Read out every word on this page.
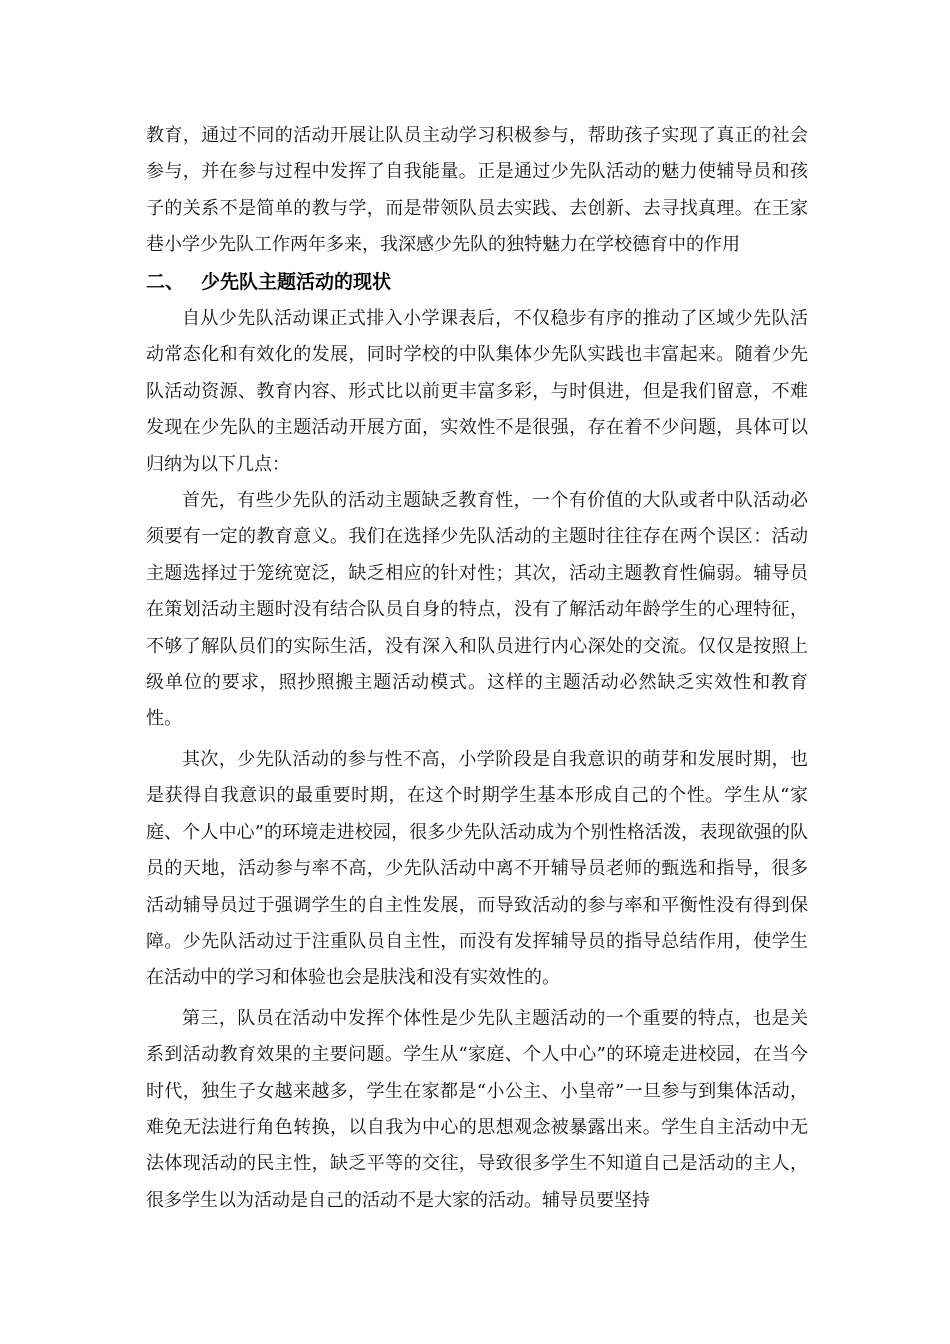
教育，通过不同的活动开展让队员主动学习积极参与，帮助孩子实现了真正的社会参与，并在参与过程中发挥了自我能量。正是通过少先队活动的魅力使辅导员和孩子的关系不是简单的教与学，而是带领队员去实践、去创新、去寻找真理。在王家巷小学少先队工作两年多来，我深感少先队的独特魅力在学校德育中的作用

二、 少先队主题活动的现状

自从少先队活动课正式排入小学课表后，不仅稳步有序的推动了区域少先队活动常态化和有效化的发展，同时学校的中队集体少先队实践也丰富起来。随着少先队活动资源、教育内容、形式比以前更丰富多彩，与时俱进，但是我们留意，不难发现在少先队的主题活动开展方面，实效性不是很强，存在着不少问题，具体可以归纳为以下几点：

首先，有些少先队的活动主题缺乏教育性，一个有价值的大队或者中队活动必须要有一定的教育意义。我们在选择少先队活动的主题时往往存在两个误区：活动主题选择过于笼统宽泛，缺乏相应的针对性；其次，活动主题教育性偏弱。辅导员在策划活动主题时没有结合队员自身的特点，没有了解活动年龄学生的心理特征，不够了解队员们的实际生活，没有深入和队员进行内心深处的交流。仅仅是按照上级单位的要求，照抄照搬主题活动模式。这样的主题活动必然缺乏实效性和教育性。

其次，少先队活动的参与性不高，小学阶段是自我意识的萌芽和发展时期，也是获得自我意识的最重要时期，在这个时期学生基本形成自己的个性。学生从“家庭、个人中心”的环境走进校园，很多少先队活动成为个别性格活泼，表现欲强的队员的天地，活动参与率不高，少先队活动中离不开辅导员老师的甄选和指导，很多活动辅导员过于强调学生的自主性发展，而导致活动的参与率和平衡性没有得到保障。少先队活动过于注重队员自主性，而没有发挥辅导员的指导总结作用，使学生在活动中的学习和体验也会是肤浅和没有实效性的。

第三，队员在活动中发挥个体性是少先队主题活动的一个重要的特点，也是关系到活动教育效果的主要问题。学生从“家庭、个人中心”的环境走进校园，在当今时代，独生子女越来越多，学生在家都是“小公主、小皇帝”一旦参与到集体活动，难免无法进行角色转换，以自我为中心的思想观念被暴露出来。学生自主活动中无法体现活动的民主性，缺乏平等的交往，导致很多学生不知道自己是活动的主人，很多学生以为活动是自己的活动不是大家的活动。辅导员要坚持
